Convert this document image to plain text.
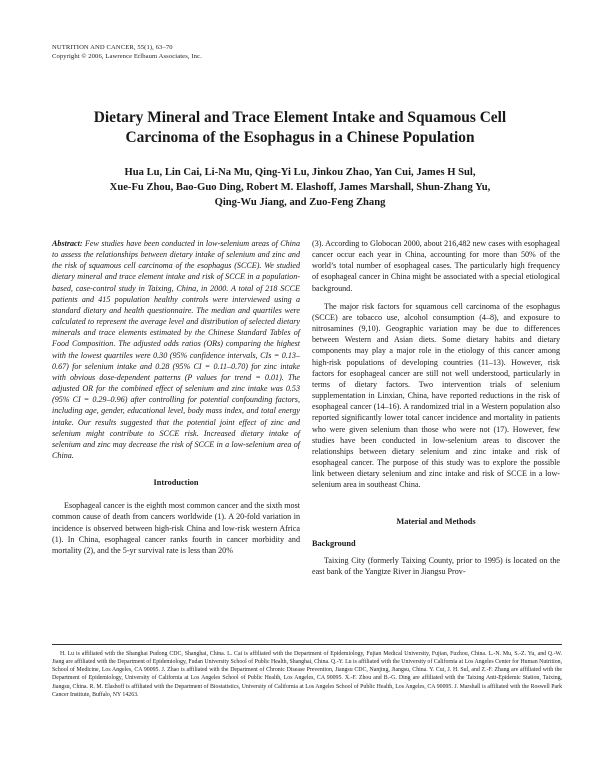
NUTRITION AND CANCER, 55(1), 63–70
Copyright © 2006, Lawrence Erlbaum Associates, Inc.
Dietary Mineral and Trace Element Intake and Squamous Cell
Carcinoma of the Esophagus in a Chinese Population
Hua Lu, Lin Cai, Li-Na Mu, Qing-Yi Lu, Jinkou Zhao, Yan Cui, James H Sul,
Xue-Fu Zhou, Bao-Guo Ding, Robert M. Elashoff, James Marshall, Shun-Zhang Yu,
Qing-Wu Jiang, and Zuo-Feng Zhang

Abstract: Few studies have been conducted in low-selenium areas of China to assess the relationships between dietary intake of selenium and zinc and the risk of squamous cell carcinoma of the esophagus (SCCE). We studied dietary mineral and trace element intake and risk of SCCE in a population-based, case-control study in Taixing, China, in 2000. A total of 218 SCCE patients and 415 population healthy controls were interviewed using a standard dietary and health questionnaire. The median and quartiles were calculated to represent the average level and distribution of selected dietary minerals and trace elements estimated by the Chinese Standard Tables of Food Composition. The adjusted odds ratios (ORs) comparing the highest with the lowest quartiles were 0.30 (95% confidence intervals, CIs = 0.13–0.67) for selenium intake and 0.28 (95% CI = 0.11–0.70) for zinc intake with obvious dose-dependent patterns (P values for trend = 0.01). The adjusted OR for the combined effect of selenium and zinc intake was 0.53 (95% CI = 0.29–0.96) after controlling for potential confounding factors, including age, gender, educational level, body mass index, and total energy intake. Our results suggested that the potential joint effect of zinc and selenium might contribute to SCCE risk. Increased dietary intake of selenium and zinc may decrease the risk of SCCE in a low-selenium area of China.

Introduction

Esophageal cancer is the eighth most common cancer and the sixth most common cause of death from cancers worldwide (1). A 20-fold variation in incidence is observed between high-risk China and low-risk western Africa (1). In China, esophageal cancer ranks fourth in cancer morbidity and mortality (2), and the 5-yr survival rate is less than 20%

(3). According to Globocan 2000, about 216,482 new cases with esophageal cancer occur each year in China, accounting for more than 50% of the world’s total number of esophageal cases. The particularly high frequency of esophageal cancer in China might be associated with a special etiological background.

The major risk factors for squamous cell carcinoma of the esophagus (SCCE) are tobacco use, alcohol consumption (4–8), and exposure to nitrosamines (9,10). Geographic variation may be due to differences between Western and Asian diets. Some dietary habits and dietary components may play a major role in the etiology of this cancer among high-risk populations of developing countries (11–13). However, risk factors for esophageal cancer are still not well understood, particularly in terms of dietary factors. Two intervention trials of selenium supplementation in Linxian, China, have reported reductions in the risk of esophageal cancer (14–16). A randomized trial in a Western population also reported significantly lower total cancer incidence and mortality in patients who were given selenium than those who were not (17). However, few studies have been conducted in low-selenium areas to discover the relationships between dietary selenium and zinc intake and risk of esophageal cancer. The purpose of this study was to explore the possible link between dietary selenium and zinc intake and risk of SCCE in a low-selenium area in southeast China.

Material and Methods

Background

Taixing City (formerly Taixing County, prior to 1995) is located on the east bank of the Yangtze River in Jiangsu Prov-

H. Lu is affiliated with the Shanghai Pudong CDC, Shanghai, China. L. Cai is affiliated with the Department of Epidemiology, Fujian Medical University, Fujian, Fuzhou, China. L.-N. Mu, S.-Z. Yu, and Q.-W. Jiang are affiliated with the Department of Epidemiology, Fudan University School of Public Health, Shanghai, China. Q.-Y. Lu is affiliated with the University of California at Los Angeles Center for Human Nutrition, School of Medicine, Los Angeles, CA 90095. J. Zhao is affiliated with the Department of Chronic Disease Prevention, Jiangsu CDC, Nanjing, Jiangsu, China. Y. Cui, J. H. Sul, and Z.-F. Zhang are affiliated with the Department of Epidemiology, University of California at Los Angeles School of Public Health, Los Angeles, CA 90095. X.-F. Zhou and B.-G. Ding are affiliated with the Taixing Anti-Epidemic Station, Taixing, Jiangsu, China. R. M. Elashoff is affiliated with the Department of Biostatistics, University of California at Los Angeles School of Public Health, Los Angeles, CA 90095. J. Marshall is affiliated with the Roswell Park Cancer Institute, Buffalo, NY 14263.
